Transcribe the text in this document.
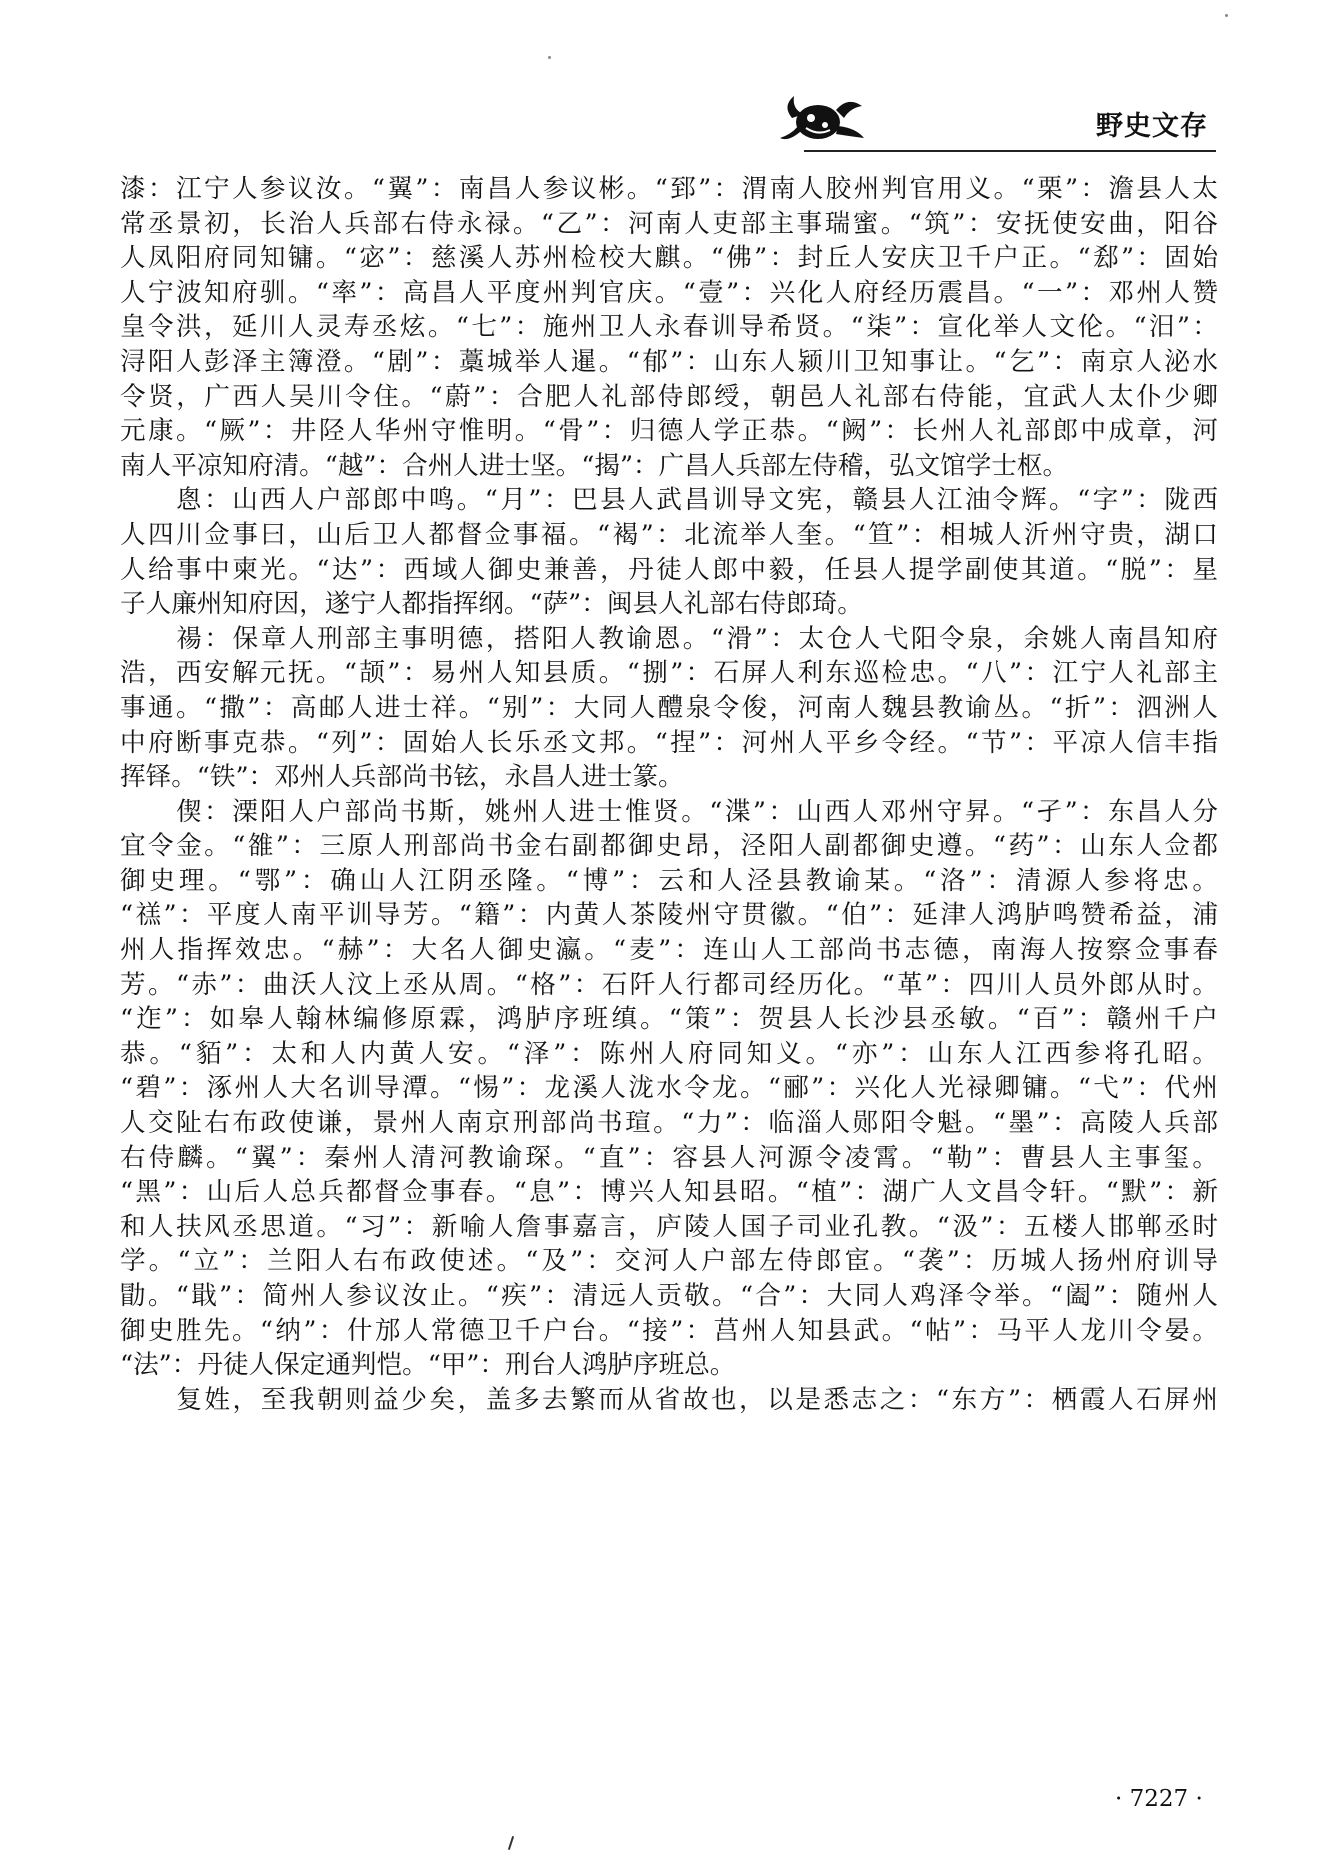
野史文存
漆：江宁人参议汝。“翼”：南昌人参议彬。“郅”：渭南人胶州判官用义。“栗”：澹县人太
常丞景初，长治人兵部右侍永禄。“乙”：河南人吏部主事瑞蜜。“筑”：安抚使安曲，阳谷
人凤阳府同知镛。“宓”：慈溪人苏州检校大麒。“佛”：封丘人安庆卫千户正。“郄”：固始
人宁波知府驯。“率”：高昌人平度州判官庆。“壹”：兴化人府经历震昌。“一”：邓州人赞
皇令洪，延川人灵寿丞炫。“七”：施州卫人永春训导希贤。“柒”：宣化举人文伦。“汨”：
浔阳人彭泽主簿澄。“剧”：藁城举人暹。“郁”：山东人颍川卫知事让。“乞”：南京人泌水
令贤，广西人吴川令住。“蔚”：合肥人礼部侍郎绶，朝邑人礼部右侍能，宜武人太仆少卿
元康。“厥”：井陉人华州守惟明。“骨”：归德人学正恭。“阙”：长州人礼部郎中成章，河
南人平凉知府清。“越”：合州人进士坚。“揭”：广昌人兵部左侍稽，弘文馆学士枢。
　　悤：山西人户部郎中鸣。“月”：巴县人武昌训导文宪，赣县人江油令辉。“字”：陇西
人四川佥事曰，山后卫人都督佥事福。“褐”：北流举人奎。“笪”：相城人沂州守贵，湖口
人给事中柬光。“达”：西域人御史兼善，丹徒人郎中毅，任县人提学副使其道。“脱”：星
子人廉州知府因，遂宁人都指挥纲。“萨”：闽县人礼部右侍郎琦。
　　禓：保章人刑部主事明德，搭阳人教谕恩。“滑”：太仓人弋阳令泉，余姚人南昌知府
浩，西安解元抚。“颉”：易州人知县质。“捌”：石屏人利东巡检忠。“八”：江宁人礼部主
事通。“撒”：高邮人进士祥。“别”：大同人醴泉令俊，河南人魏县教谕丛。“折”：泗洲人
中府断事克恭。“列”：固始人长乐丞文邦。“捏”：河州人平乡令经。“节”：平凉人信丰指
挥铎。“铁”：邓州人兵部尚书铉，永昌人进士篆。
　　偰：溧阳人户部尚书斯，姚州人进士惟贤。“渫”：山西人邓州守昇。“孑”：东昌人分
宜令金。“雒”：三原人刑部尚书金右副都御史昂，泾阳人副都御史遵。“药”：山东人佥都
御史理。“鄂”：确山人江阴丞隆。“博”：云和人泾县教谕某。“洛”：清源人参将忠。
“禚”：平度人南平训导芳。“籍”：内黄人茶陵州守贯徽。“伯”：延津人鸿胪鸣赞希益，浦
州人指挥效忠。“赫”：大名人御史瀛。“麦”：连山人工部尚书志德，南海人按察佥事春
芳。“赤”：曲沃人汶上丞从周。“格”：石阡人行都司经历化。“革”：四川人员外郎从时。
“迮”：如皋人翰林编修原霖，鸿胪序班缜。“策”：贺县人长沙县丞敏。“百”：赣州千户
恭。“貊”：太和人内黄人安。“泽”：陈州人府同知义。“亦”：山东人江西参将孔昭。
“碧”：涿州人大名训导潭。“惕”：龙溪人泷水令龙。“郦”：兴化人光禄卿镛。“弋”：代州
人交阯右布政使谦，景州人南京刑部尚书瑄。“力”：临淄人郧阳令魁。“墨”：高陵人兵部
右侍麟。“翼”：秦州人清河教谕琛。“直”：容县人河源令凌霄。“勒”：曹县人主事玺。
“黑”：山后人总兵都督佥事春。“息”：博兴人知县昭。“植”：湖广人文昌令轩。“默”：新
和人扶风丞思道。“习”：新喻人詹事嘉言，庐陵人国子司业孔教。“汲”：五楼人邯郸丞时
学。“立”：兰阳人右布政使述。“及”：交河人户部左侍郎宦。“袭”：历城人扬州府训导
勖。“戢”：简州人参议汝止。“疾”：清远人贡敬。“合”：大同人鸡泽令举。“阖”：随州人
御史胜先。“纳”：什邡人常德卫千户台。“接”：莒州人知县武。“帖”：马平人龙川令晏。
“法”：丹徒人保定通判恺。“甲”：刑台人鸿胪序班总。
　　复姓，至我朝则益少矣，盖多去繁而从省故也，以是悉志之：“东方”：栖霞人石屏州
· 7227 ·
